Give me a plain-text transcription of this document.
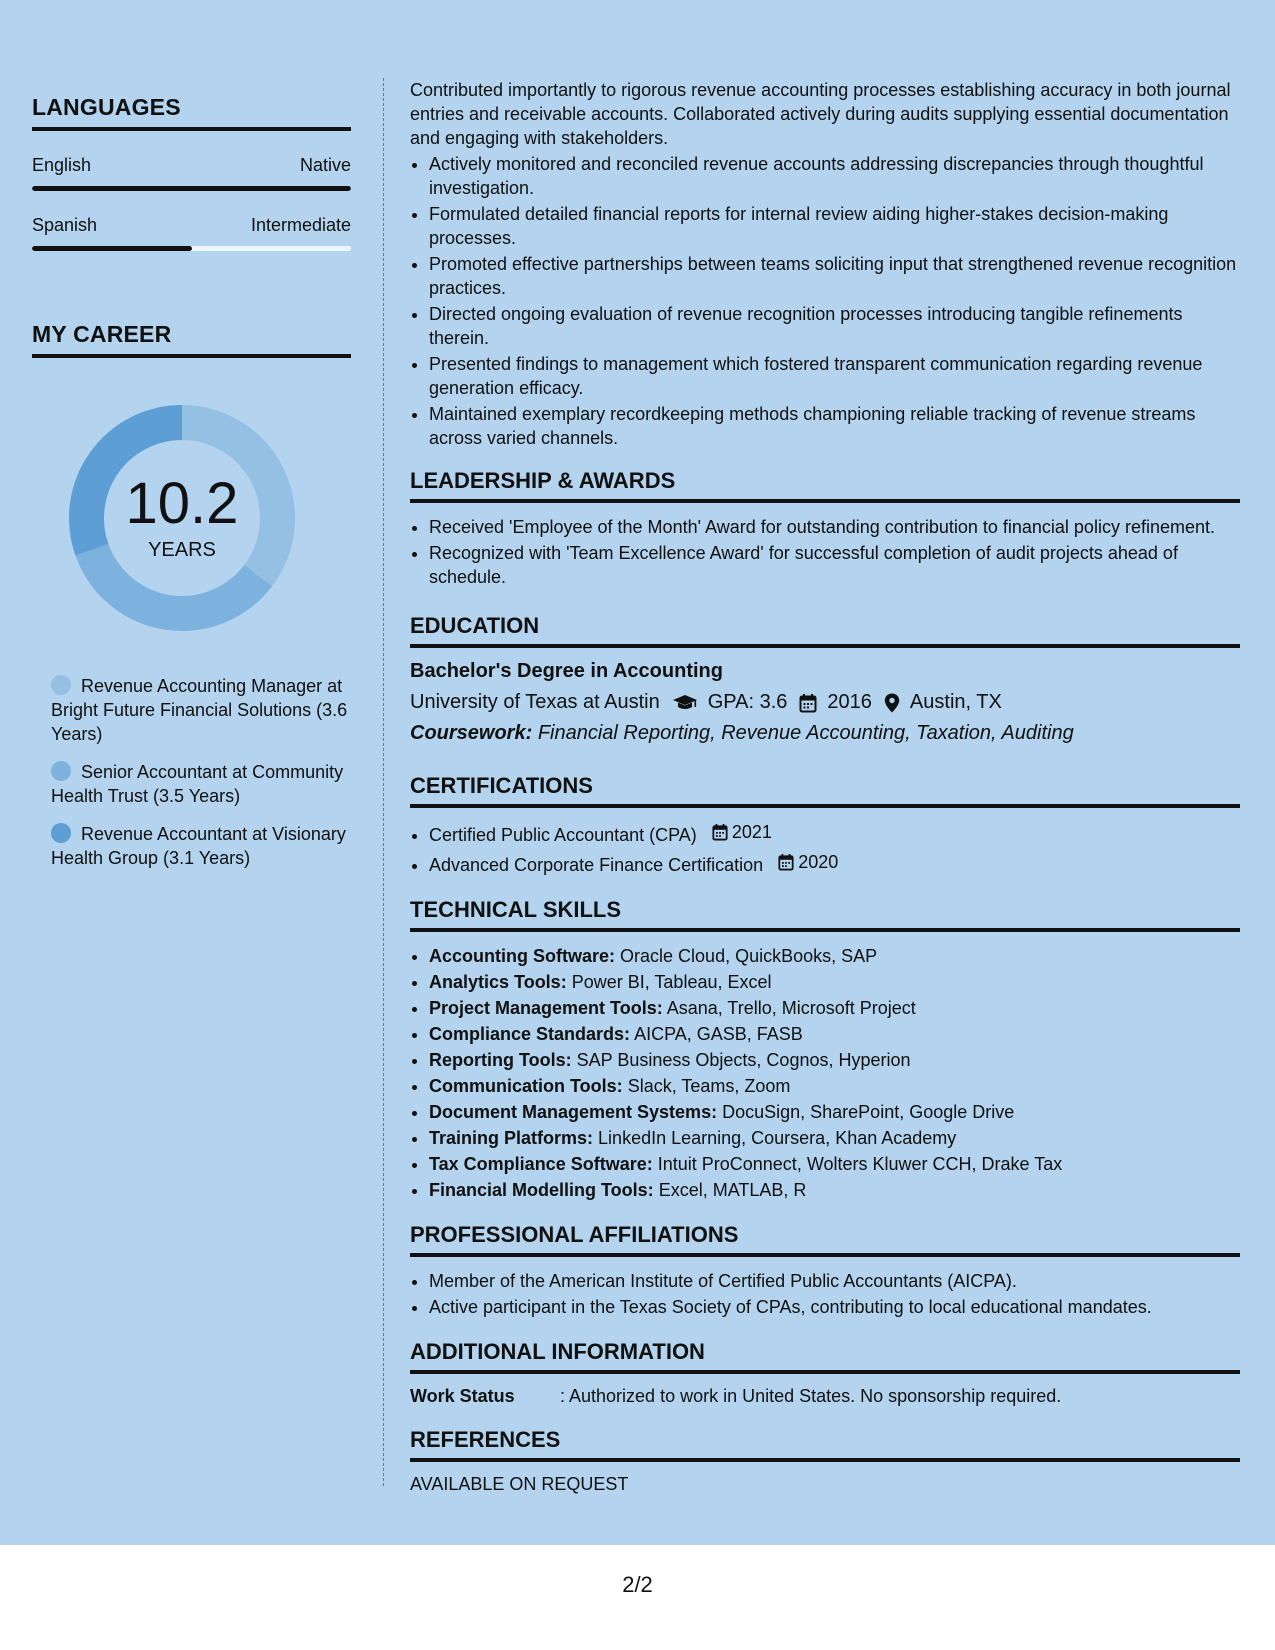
LANGUAGES
English	Native
Spanish	Intermediate
MY CAREER
10.2
YEARS
Revenue Accounting Manager at Bright Future Financial Solutions (3.6 Years)
Senior Accountant at Community Health Trust (3.5 Years)
Revenue Accountant at Visionary Health Group (3.1 Years)

Contributed importantly to rigorous revenue accounting processes establishing accuracy in both journal entries and receivable accounts. Collaborated actively during audits supplying essential documentation and engaging with stakeholders.

• Actively monitored and reconciled revenue accounts addressing discrepancies through thoughtful investigation.
• Formulated detailed financial reports for internal review aiding higher-stakes decision-making processes.
• Promoted effective partnerships between teams soliciting input that strengthened revenue recognition practices.
• Directed ongoing evaluation of revenue recognition processes introducing tangible refinements therein.
• Presented findings to management which fostered transparent communication regarding revenue generation efficacy.
• Maintained exemplary recordkeeping methods championing reliable tracking of revenue streams across varied channels.
LEADERSHIP & AWARDS
• Received 'Employee of the Month' Award for outstanding contribution to financial policy refinement.
• Recognized with 'Team Excellence Award' for successful completion of audit projects ahead of schedule.
EDUCATION
Bachelor's Degree in Accounting
University of Texas at Austin GPA: 3.6 2016 Austin, TX
Coursework: Financial Reporting, Revenue Accounting, Taxation, Auditing
CERTIFICATIONS
• Certified Public Accountant (CPA) 2021
• Advanced Corporate Finance Certification 2020
TECHNICAL SKILLS
• Accounting Software: Oracle Cloud, QuickBooks, SAP
• Analytics Tools: Power BI, Tableau, Excel
• Project Management Tools: Asana, Trello, Microsoft Project
• Compliance Standards: AICPA, GASB, FASB
• Reporting Tools: SAP Business Objects, Cognos, Hyperion
• Communication Tools: Slack, Teams, Zoom
• Document Management Systems: DocuSign, SharePoint, Google Drive
• Training Platforms: LinkedIn Learning, Coursera, Khan Academy
• Tax Compliance Software: Intuit ProConnect, Wolters Kluwer CCH, Drake Tax
• Financial Modelling Tools: Excel, MATLAB, R
PROFESSIONAL AFFILIATIONS
• Member of the American Institute of Certified Public Accountants (AICPA).
• Active participant in the Texas Society of CPAs, contributing to local educational mandates.
ADDITIONAL INFORMATION
Work Status	: Authorized to work in United States. No sponsorship required.
REFERENCES
AVAILABLE ON REQUEST
2/2
